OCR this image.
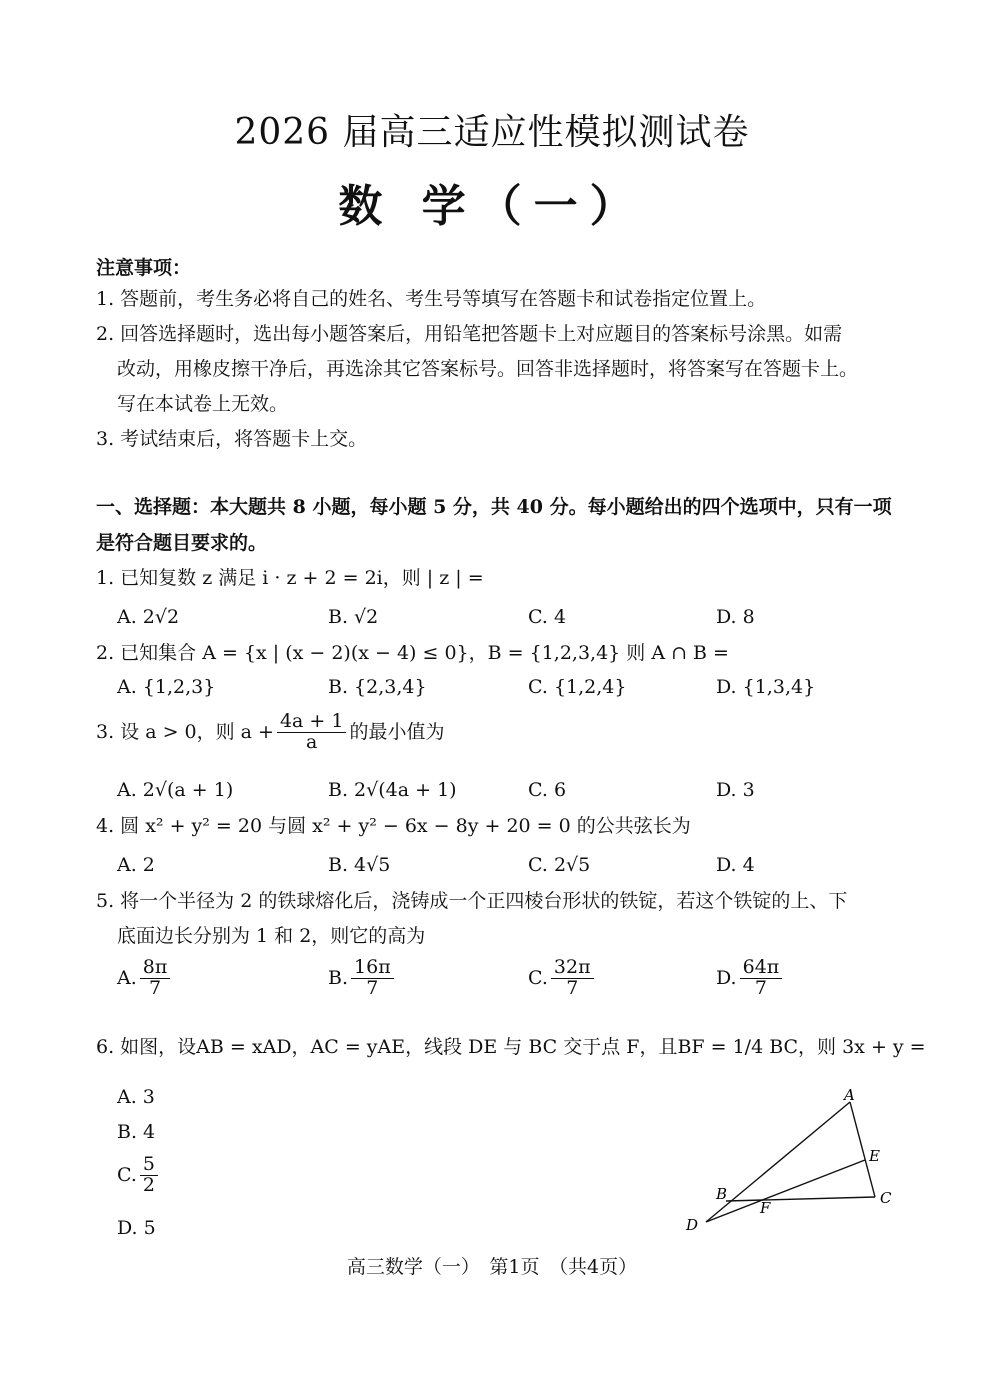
2026 届高三适应性模拟测试卷
数 学（一）
注意事项：
1. 答题前，考生务必将自己的姓名、考生号等填写在答题卡和试卷指定位置上。
2. 回答选择题时，选出每小题答案后，用铅笔把答题卡上对应题目的答案标号涂黑。如需
改动，用橡皮擦干净后，再选涂其它答案标号。回答非选择题时，将答案写在答题卡上。
写在本试卷上无效。
3. 考试结束后，将答题卡上交。
一、选择题：本大题共 8 小题，每小题 5 分，共 40 分。每小题给出的四个选项中，只有一项
是符合题目要求的。
1. 已知复数 z 满足 i · z + 2 = 2i，则 | z | =
A. 2√2	B. √2	C. 4	D. 8
2. 已知集合 A = {x | (x − 2)(x − 4) ≤ 0}，B = {1,2,3,4} 则 A ∩ B =
A. {1,2,3}	B. {2,3,4}	C. {1,2,4}	D. {1,3,4}
3. 设 a > 0，则 $a + \frac{4a + 1}{a}$ 的最小值为
A. 2√(a + 1)	B. 2√(4a + 1)	C. 6	D. 3
4. 圆 x² + y² = 20 与圆 x² + y² − 6x − 8y + 20 = 0 的公共弦长为
A. 2	B. 4√5	C. 2√5	D. 4
5. 将一个半径为 2 的铁球熔化后，浇铸成一个正四棱台形状的铁锭，若这个铁锭的上、下
底面边长分别为 1 和 2，则它的高为
A. $\frac{8\pi}{7}$	B. $\frac{16\pi}{7}$	C. $\frac{32\pi}{7}$	D. $\frac{64\pi}{7}$
6. 如图，设AB = xAD，AC = yAE，线段 DE 与 BC 交于点 F，且BF = 1/4 BC，则 3x + y =
A. 3
B. 4
C. $\frac{5}{2}$
D. 5
A
B	C
D
E
F
高三数学（一）　第1页　（共4页）
